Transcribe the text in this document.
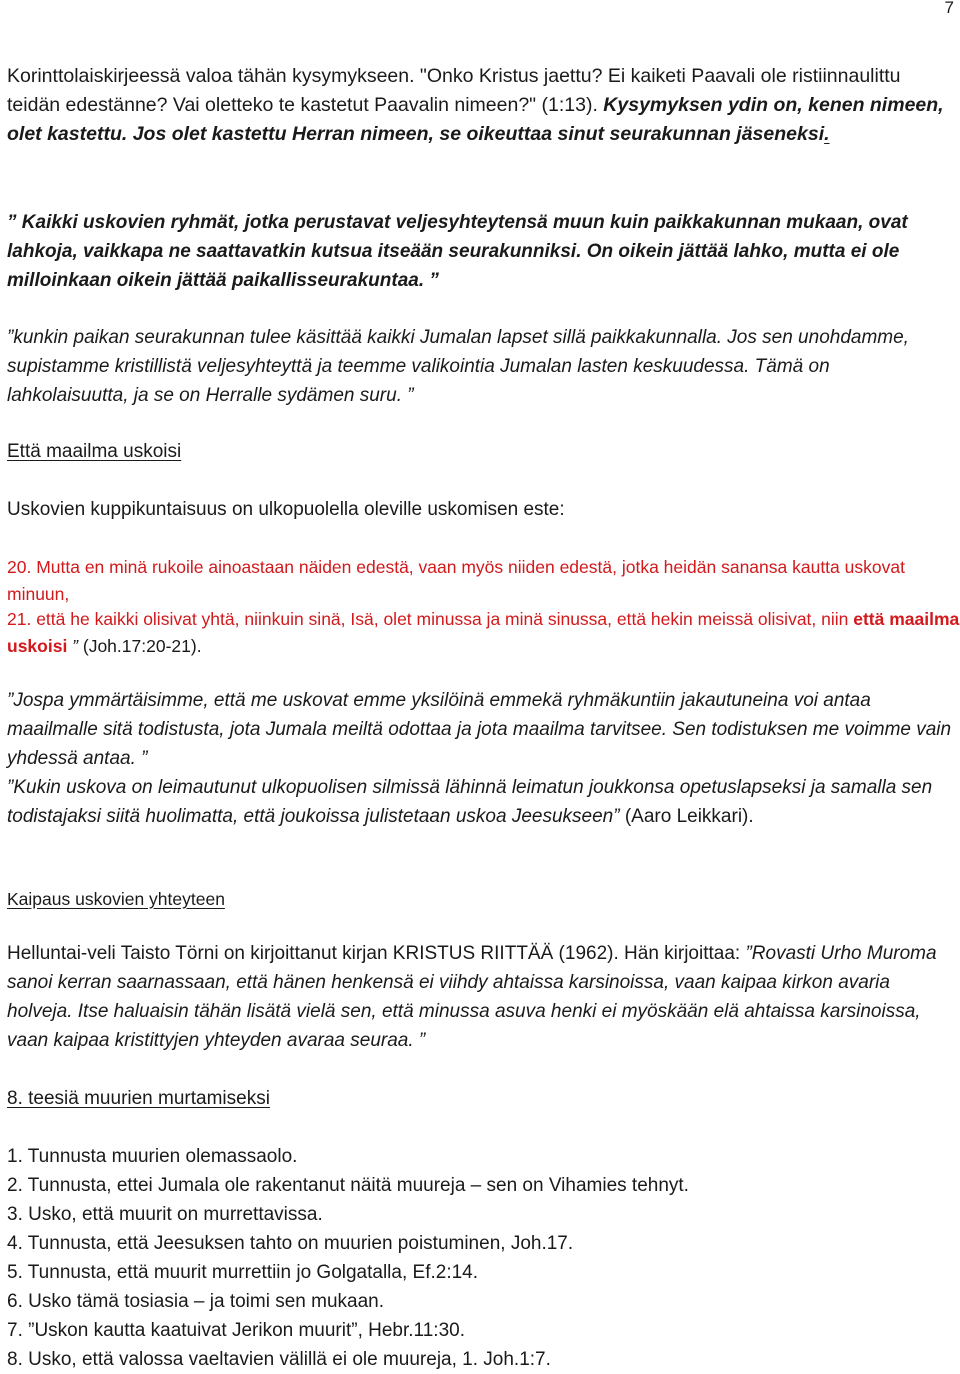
7

Korinttolaiskirjeessä valoa tähän kysymykseen. "Onko Kristus jaettu? Ei kaiketi Paavali ole ristiinnaulittu teidän edestänne? Vai oletteko te kastetut Paavalin nimeen?" (1:13). Kysymyksen ydin on, kenen nimeen, olet kastettu. Jos olet kastettu Herran nimeen, se oikeuttaa sinut seurakunnan jäseneksi.

” Kaikki uskovien ryhmät, jotka perustavat veljesyhteytensä muun kuin paikkakunnan mukaan, ovat lahkoja, vaikkapa ne saattavatkin kutsua itseään seurakunniksi. On oikein jättää lahko, mutta ei ole milloinkaan oikein jättää paikallisseurakuntaa. ”

”kunkin paikan seurakunnan tulee käsittää kaikki Jumalan lapset sillä paikkakunnalla. Jos sen unohdamme, supistamme kristillistä veljesyhteyttä ja teemme valikointia Jumalan lasten keskuudessa. Tämä on lahkolaisuutta, ja se on Herralle sydämen suru. ”

Että maailma uskoisi

Uskovien kuppikuntaisuus on ulkopuolella oleville uskomisen este:

20. Mutta en minä rukoile ainoastaan näiden edestä, vaan myös niiden edestä, jotka heidän sanansa kautta uskovat minuun,

21. että he kaikki olisivat yhtä, niinkuin sinä, Isä, olet minussa ja minä sinussa, että hekin meissä olisivat, niin että maailma uskoisi ” (Joh.17:20-21).

”Jospa ymmärtäisimme, että me uskovat emme yksilöinä emmekä ryhmäkuntiin jakautuneina voi antaa maailmalle sitä todistusta, jota Jumala meiltä odottaa ja jota maailma tarvitsee. Sen todistuksen me voimme vain yhdessä antaa. ”

”Kukin uskova on leimautunut ulkopuolisen silmissä lähinnä leimatun joukkonsa opetuslapseksi ja samalla sen todistajaksi siitä huolimatta, että joukoissa julistetaan uskoa Jeesukseen” (Aaro Leikkari).

Kaipaus uskovien yhteyteen

Helluntai-veli Taisto Törni on kirjoittanut kirjan KRISTUS RIITTÄÄ (1962). Hän kirjoittaa: ”Rovasti Urho Muroma sanoi kerran saarnassaan, että hänen henkensä ei viihdy ahtaissa karsinoissa, vaan kaipaa kirkon avaria holveja. Itse haluaisin tähän lisätä vielä sen, että minussa asuva henki ei myöskään elä ahtaissa karsinoissa, vaan kaipaa kristittyjen yhteyden avaraa seuraa. ”

8. teesiä muurien murtamiseksi

1. Tunnusta muurien olemassaolo.
2. Tunnusta, ettei Jumala ole rakentanut näitä muureja – sen on Vihamies tehnyt.
3. Usko, että muurit on murrettavissa.
4. Tunnusta, että Jeesuksen tahto on muurien poistuminen, Joh.17.
5. Tunnusta, että muurit murrettiin jo Golgatalla, Ef.2:14.
6. Usko tämä tosiasia – ja toimi sen mukaan.
7. ”Uskon kautta kaatuivat Jerikon muurit”, Hebr.11:30.
8. Usko, että valossa vaeltavien välillä ei ole muureja, 1. Joh.1:7.
